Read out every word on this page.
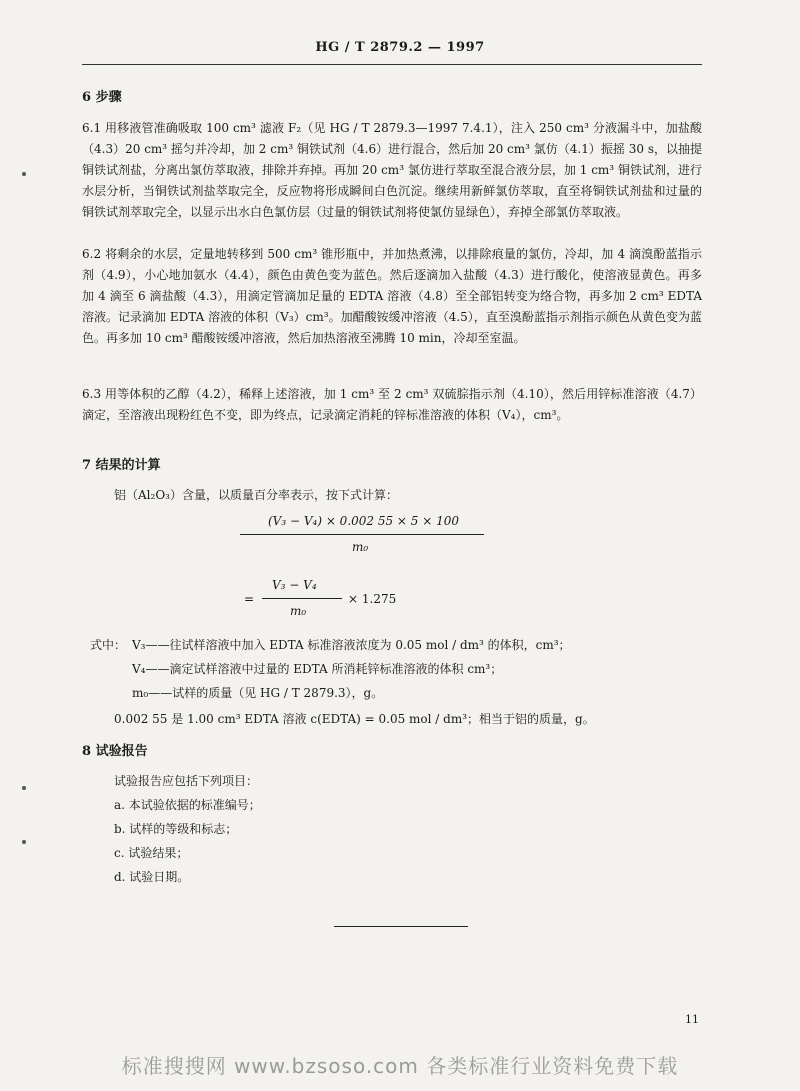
HG / T 2879.2 — 1997
6 步骤
6.1 用移液管准确吸取 100 cm³ 滤液 F₂（见 HG / T 2879.3—1997 7.4.1），注入 250 cm³ 分液漏斗中，加盐酸（4.3）20 cm³ 摇匀并冷却，加 2 cm³ 铜铁试剂（4.6）进行混合，然后加 20 cm³ 氯仿（4.1）振摇 30 s，以抽提铜铁试剂盐，分离出氯仿萃取液，排除并弃掉。再加 20 cm³ 氯仿进行萃取至混合液分层，加 1 cm³ 铜铁试剂，进行水层分析，当铜铁试剂盐萃取完全，反应物将形成瞬间白色沉淀。继续用新鲜氯仿萃取，直至将铜铁试剂盐和过量的铜铁试剂萃取完全，以显示出水白色氯仿层（过量的铜铁试剂将使氯仿显绿色），弃掉全部氯仿萃取液。
6.2 将剩余的水层，定量地转移到 500 cm³ 锥形瓶中，并加热煮沸，以排除痕量的氯仿，冷却，加 4 滴溴酚蓝指示剂（4.9），小心地加氨水（4.4），颜色由黄色变为蓝色。然后逐滴加入盐酸（4.3）进行酸化，使溶液显黄色。再多加 4 滴至 6 滴盐酸（4.3），用滴定管滴加足量的 EDTA 溶液（4.8）至全部铝转变为络合物，再多加 2 cm³ EDTA 溶液。记录滴加 EDTA 溶液的体积（V₃）cm³。加醋酸铵缓冲溶液（4.5），直至溴酚蓝指示剂指示颜色从黄色变为蓝色。再多加 10 cm³ 醋酸铵缓冲溶液，然后加热溶液至沸腾 10 min，冷却至室温。
6.3 用等体积的乙醇（4.2），稀释上述溶液，加 1 cm³ 至 2 cm³ 双硫腙指示剂（4.10），然后用锌标准溶液（4.7）滴定，至溶液出现粉红色不变，即为终点，记录滴定消耗的锌标准溶液的体积（V₄），cm³。
7 结果的计算
铝（Al₂O₃）含量，以质量百分率表示，按下式计算：
(V₃ − V₄) × 0.002 55 × 5 × 100
m₀
=
V₃ − V₄
m₀
× 1.275
式中： V₃——往试样溶液中加入 EDTA 标准溶液浓度为 0.05 mol / dm³ 的体积，cm³；
V₄——滴定试样溶液中过量的 EDTA 所消耗锌标准溶液的体积 cm³；
m₀——试样的质量（见 HG / T 2879.3），g。
0.002 55 是 1.00 cm³ EDTA 溶液 c(EDTA) = 0.05 mol / dm³；相当于铝的质量，g。
8 试验报告
试验报告应包括下列项目：
a. 本试验依据的标准编号；
b. 试样的等级和标志；
c. 试验结果；
d. 试验日期。
11
标准搜搜网 www.bzsoso.com 各类标准行业资料免费下载
